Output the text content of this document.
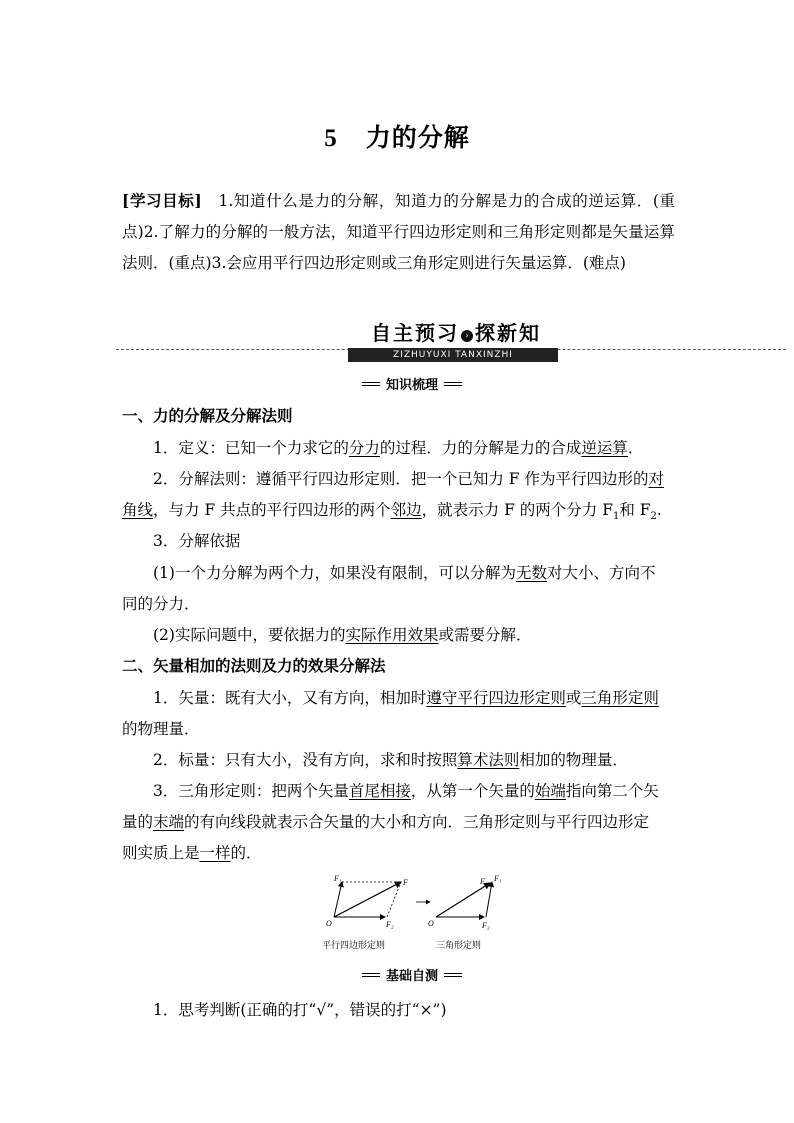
5 力的分解
[学习目标]　1.知道什么是力的分解，知道力的分解是力的合成的逆运算．(重点)2.了解力的分解的一般方法，知道平行四边形定则和三角形定则都是矢量运算法则．(重点)3.会应用平行四边形定则或三角形定则进行矢量运算．(难点)
自主预习 › 探新知
ZIZHUYUXI TANXINZHI
知识梳理
一、力的分解及分解法则
1．定义：已知一个力求它的分力的过程．力的分解是力的合成逆运算．
2．分解法则：遵循平行四边形定则．把一个已知力 F 作为平行四边形的对
角线，与力 F 共点的平行四边形的两个邻边，就表示力 F 的两个分力 $F_1$和 $F_2$.
3．分解依据
(1)一个力分解为两个力，如果没有限制，可以分解为无数对大小、方向不
同的分力．
(2)实际问题中，要依据力的实际作用效果或需要分解．
二、矢量相加的法则及力的效果分解法
1．矢量：既有大小，又有方向，相加时遵守平行四边形定则或三角形定则
的物理量．
2．标量：只有大小，没有方向，求和时按照算术法则相加的物理量．
3．三角形定则：把两个矢量首尾相接，从第一个矢量的始端指向第二个矢
量的末端的有向线段就表示合矢量的大小和方向．三角形定则与平行四边形定
则实质上是一样的．
F₁	F
O	F₂
F F₁
O	F₂
平行四边形定则	三角形定则
基础自测
1．思考判断(正确的打“√”，错误的打“×”)
